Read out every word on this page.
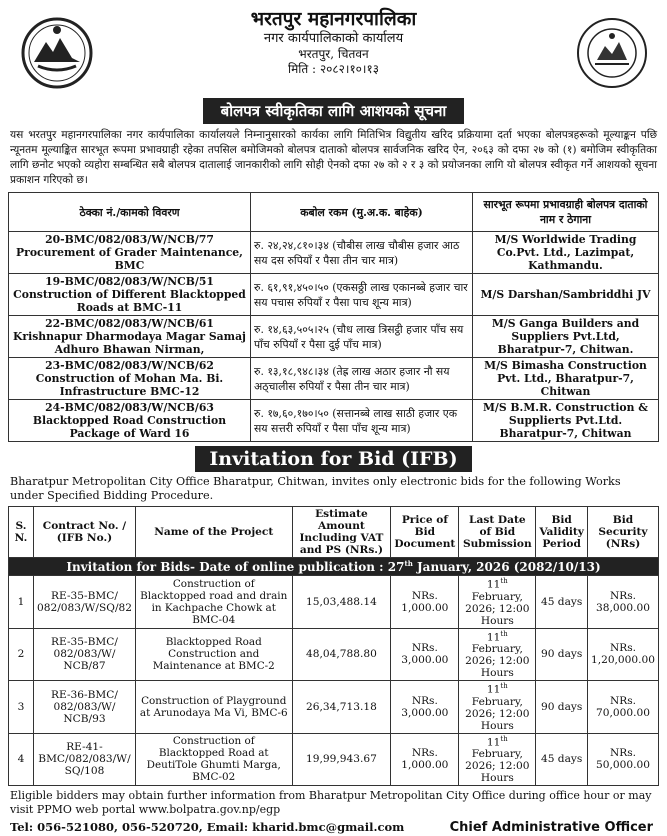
भरतपुर महानगरपालिका
नगर कार्यपालिकाको कार्यालय
भरतपुर, चितवन
मिति : २०८२।१०।१३
बोलपत्र स्वीकृतिका लागि आशयको सूचना
यस भरतपुर महानगरपालिका नगर कार्यपालिका कार्यालयले निम्नानुसारको कार्यका लागि मितिभित्र विद्युतीय खरिद प्रक्रियामा दर्ता भएका बोलपत्रहरूको मूल्याङ्कन पछि न्यूनतम मूल्याङ्कित सारभूत रूपमा प्रभावग्राही रहेका तपसिल बमोजिमको बोलपत्र दाताको बोलपत्र सार्वजनिक खरिद ऐन, २०६३ को दफा २७ को (१) बमोजिम स्वीकृतिका लागि छनोट भएको व्यहोरा सम्बन्धित सबै बोलपत्र दातालाई जानकारीको लागि सोही ऐनको दफा २७ को २ र ३ को प्रयोजनका लागि यो बोलपत्र स्वीकृत गर्ने आशयको सूचना प्रकाशन गरिएको छ।
ठेक्का नं./कामको विवरण	कबोल रकम (मु.अ.क. बाहेक)	सारभूत रूपमा प्रभावग्राही बोलपत्र दाताको नाम र ठेगाना
20-BMC/082/083/W/NCB/77 Procurement of Grader Maintenance, BMC	रु. २४,२४,८१०।३४ (चौबीस लाख चौबीस हजार आठ सय दस रुपियाँ र पैसा तीन चार मात्र)	M/S Worldwide Trading Co.Pvt. Ltd., Lazimpat, Kathmandu.
19-BMC/082/083/W/NCB/51 Construction of Different Blacktopped Roads at BMC-11	रु. ६१,९१,४५०।५० (एकसठ्ठी लाख एकानब्बे हजार चार सय पचास रुपियाँ र पैसा पाच शून्य मात्र)	M/S Darshan/Sambriddhi JV
22-BMC/082/083/W/NCB/61 Krishnapur Dharmodaya Magar Samaj Adhuro Bhawan Nirman,	रु. १४,६३,५०५।२५ (चौध लाख त्रिसट्ठी हजार पाँच सय पाँच रुपियाँ र पैसा दुई पाँच मात्र)	M/S Ganga Builders and Suppliers Pvt.Ltd, Bharatpur-7, Chitwan.
23-BMC/082/083/W/NCB/62 Construction of Mohan Ma. Bi. Infrastructure BMC-12	रु. १३,१८,९४८।३४ (तेह्र लाख अठार हजार नौ सय अठ्चालीस रुपियाँ र पैसा तीन चार मात्र)	M/S Bimasha Construction Pvt. Ltd., Bharatpur-7, Chitwan
24-BMC/082/083/W/NCB/63 Blacktopped Road Construction Package of Ward 16	रु. १७,६०,१७०।५० (सत्तानब्बे लाख साठी हजार एक सय सत्तरी रुपियाँ र पैसा पाँच शून्य मात्र)	M/S B.M.R. Construction & Supplierts Pvt.Ltd. Bharatpur-7, Chitwan
Invitation for Bid (IFB)
Bharatpur Metropolitan City Office Bharatpur, Chitwan, invites only electronic bids for the following Works under Specified Bidding Procedure.
S. N.	Contract No. / (IFB No.)	Name of the Project	Estimate Amount Including VAT and PS (NRs.)	Price of Bid Document	Last Date of Bid Submission	Bid Validity Period	Bid Security (NRs)
Invitation for Bids- Date of online publication : 27th January, 2026 (2082/10/13)							
1	RE-35-BMC/ 082/083/W/SQ/82	Construction of Blacktopped road and drain in Kachpache Chowk at BMC-04	15,03,488.14	NRs. 1,000.00	11th February, 2026; 12:00 Hours	45 days	NRs. 38,000.00
2	RE-35-BMC/ 082/083/W/ NCB/87	Blacktopped Road Construction and Maintenance at BMC-2	48,04,788.80	NRs. 3,000.00	11th February, 2026; 12:00 Hours	90 days	NRs. 1,20,000.00
3	RE-36-BMC/ 082/083/W/ NCB/93	Construction of Playground at Arunodaya Ma Vi, BMC-6	26,34,713.18	NRs. 3,000.00	11th February, 2026; 12:00 Hours	90 days	NRs. 70,000.00
4	RE-41- BMC/082/083/W/ SQ/108	Construction of Blacktopped Road at DeutiTole Ghumti Marga, BMC-02	19,99,943.67	NRs. 1,000.00	11th February, 2026; 12:00 Hours	45 days	NRs. 50,000.00
Eligible bidders may obtain further information from Bharatpur Metropolitan City Office during office hour or may visit PPMO web portal www.bolpatra.gov.np/egp
Tel: 056-521080, 056-520720, Email: kharid.bmc@gmail.com	Chief Administrative Officer
